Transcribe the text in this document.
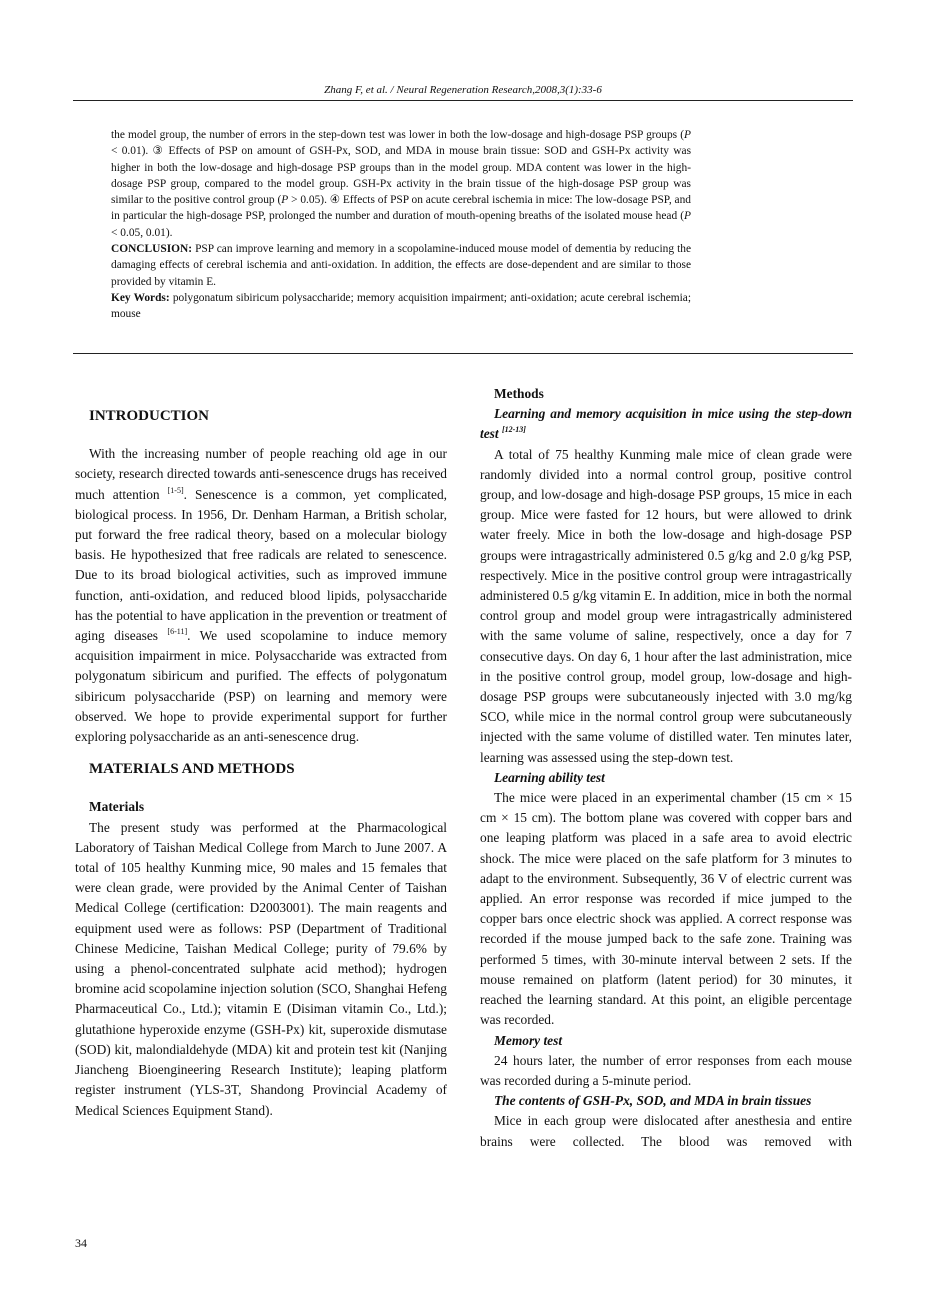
Zhang F, et al. / Neural Regeneration Research,2008,3(1):33-6

the model group, the number of errors in the step-down test was lower in both the low-dosage and high-dosage PSP groups (P < 0.01). ③ Effects of PSP on amount of GSH-Px, SOD, and MDA in mouse brain tissue: SOD and GSH-Px activity was higher in both the low-dosage and high-dosage PSP groups than in the model group. MDA content was lower in the high-dosage PSP group, compared to the model group. GSH-Px activity in the brain tissue of the high-dosage PSP group was similar to the positive control group (P > 0.05). ④ Effects of PSP on acute cerebral ischemia in mice: The low-dosage PSP, and in particular the high-dosage PSP, prolonged the number and duration of mouth-opening breaths of the isolated mouse head (P < 0.05, 0.01).

CONCLUSION: PSP can improve learning and memory in a scopolamine-induced mouse model of dementia by reducing the damaging effects of cerebral ischemia and anti-oxidation. In addition, the effects are dose-dependent and are similar to those provided by vitamin E.

Key Words: polygonatum sibiricum polysaccharide; memory acquisition impairment; anti-oxidation; acute cerebral ischemia; mouse

INTRODUCTION

With the increasing number of people reaching old age in our society, research directed towards anti-senescence drugs has received much attention [1-5]. Senescence is a common, yet complicated, biological process. In 1956, Dr. Denham Harman, a British scholar, put forward the free radical theory, based on a molecular biology basis. He hypothesized that free radicals are related to senescence. Due to its broad biological activities, such as improved immune function, anti-oxidation, and reduced blood lipids, polysaccharide has the potential to have application in the prevention or treatment of aging diseases [6-11]. We used scopolamine to induce memory acquisition impairment in mice. Polysaccharide was extracted from polygonatum sibiricum and purified. The effects of polygonatum sibiricum polysaccharide (PSP) on learning and memory were observed. We hope to provide experimental support for further exploring polysaccharide as an anti-senescence drug.

MATERIALS AND METHODS

Materials

The present study was performed at the Pharmacological Laboratory of Taishan Medical College from March to June 2007. A total of 105 healthy Kunming mice, 90 males and 15 females that were clean grade, were provided by the Animal Center of Taishan Medical College (certification: D2003001). The main reagents and equipment used were as follows: PSP (Department of Traditional Chinese Medicine, Taishan Medical College; purity of 79.6% by using a phenol-concentrated sulphate acid method); hydrogen bromine acid scopolamine injection solution (SCO, Shanghai Hefeng Pharmaceutical Co., Ltd.); vitamin E (Disiman vitamin Co., Ltd.); glutathione hyperoxide enzyme (GSH-Px) kit, superoxide dismutase (SOD) kit, malondialdehyde (MDA) kit and protein test kit (Nanjing Jiancheng Bioengineering Research Institute); leaping platform register instrument (YLS-3T, Shandong Provincial Academy of Medical Sciences Equipment Stand).

Methods

Learning and memory acquisition in mice using the step-down test [12-13]

A total of 75 healthy Kunming male mice of clean grade were randomly divided into a normal control group, positive control group, and low-dosage and high-dosage PSP groups, 15 mice in each group. Mice were fasted for 12 hours, but were allowed to drink water freely. Mice in both the low-dosage and high-dosage PSP groups were intragastrically administered 0.5 g/kg and 2.0 g/kg PSP, respectively. Mice in the positive control group were intragastrically administered 0.5 g/kg vitamin E. In addition, mice in both the normal control group and model group were intragastrically administered with the same volume of saline, respectively, once a day for 7 consecutive days. On day 6, 1 hour after the last administration, mice in the positive control group, model group, low-dosage and high-dosage PSP groups were subcutaneously injected with 3.0 mg/kg SCO, while mice in the normal control group were subcutaneously injected with the same volume of distilled water. Ten minutes later, learning was assessed using the step-down test.

Learning ability test

The mice were placed in an experimental chamber (15 cm × 15 cm × 15 cm). The bottom plane was covered with copper bars and one leaping platform was placed in a safe area to avoid electric shock. The mice were placed on the safe platform for 3 minutes to adapt to the environment. Subsequently, 36 V of electric current was applied. An error response was recorded if mice jumped to the copper bars once electric shock was applied. A correct response was recorded if the mouse jumped back to the safe zone. Training was performed 5 times, with 30-minute interval between 2 sets. If the mouse remained on platform (latent period) for 30 minutes, it reached the learning standard. At this point, an eligible percentage was recorded.

Memory test

24 hours later, the number of error responses from each mouse was recorded during a 5-minute period.

The contents of GSH-Px, SOD, and MDA in brain tissues

Mice in each group were dislocated after anesthesia and entire brains were collected. The blood was removed with

34
